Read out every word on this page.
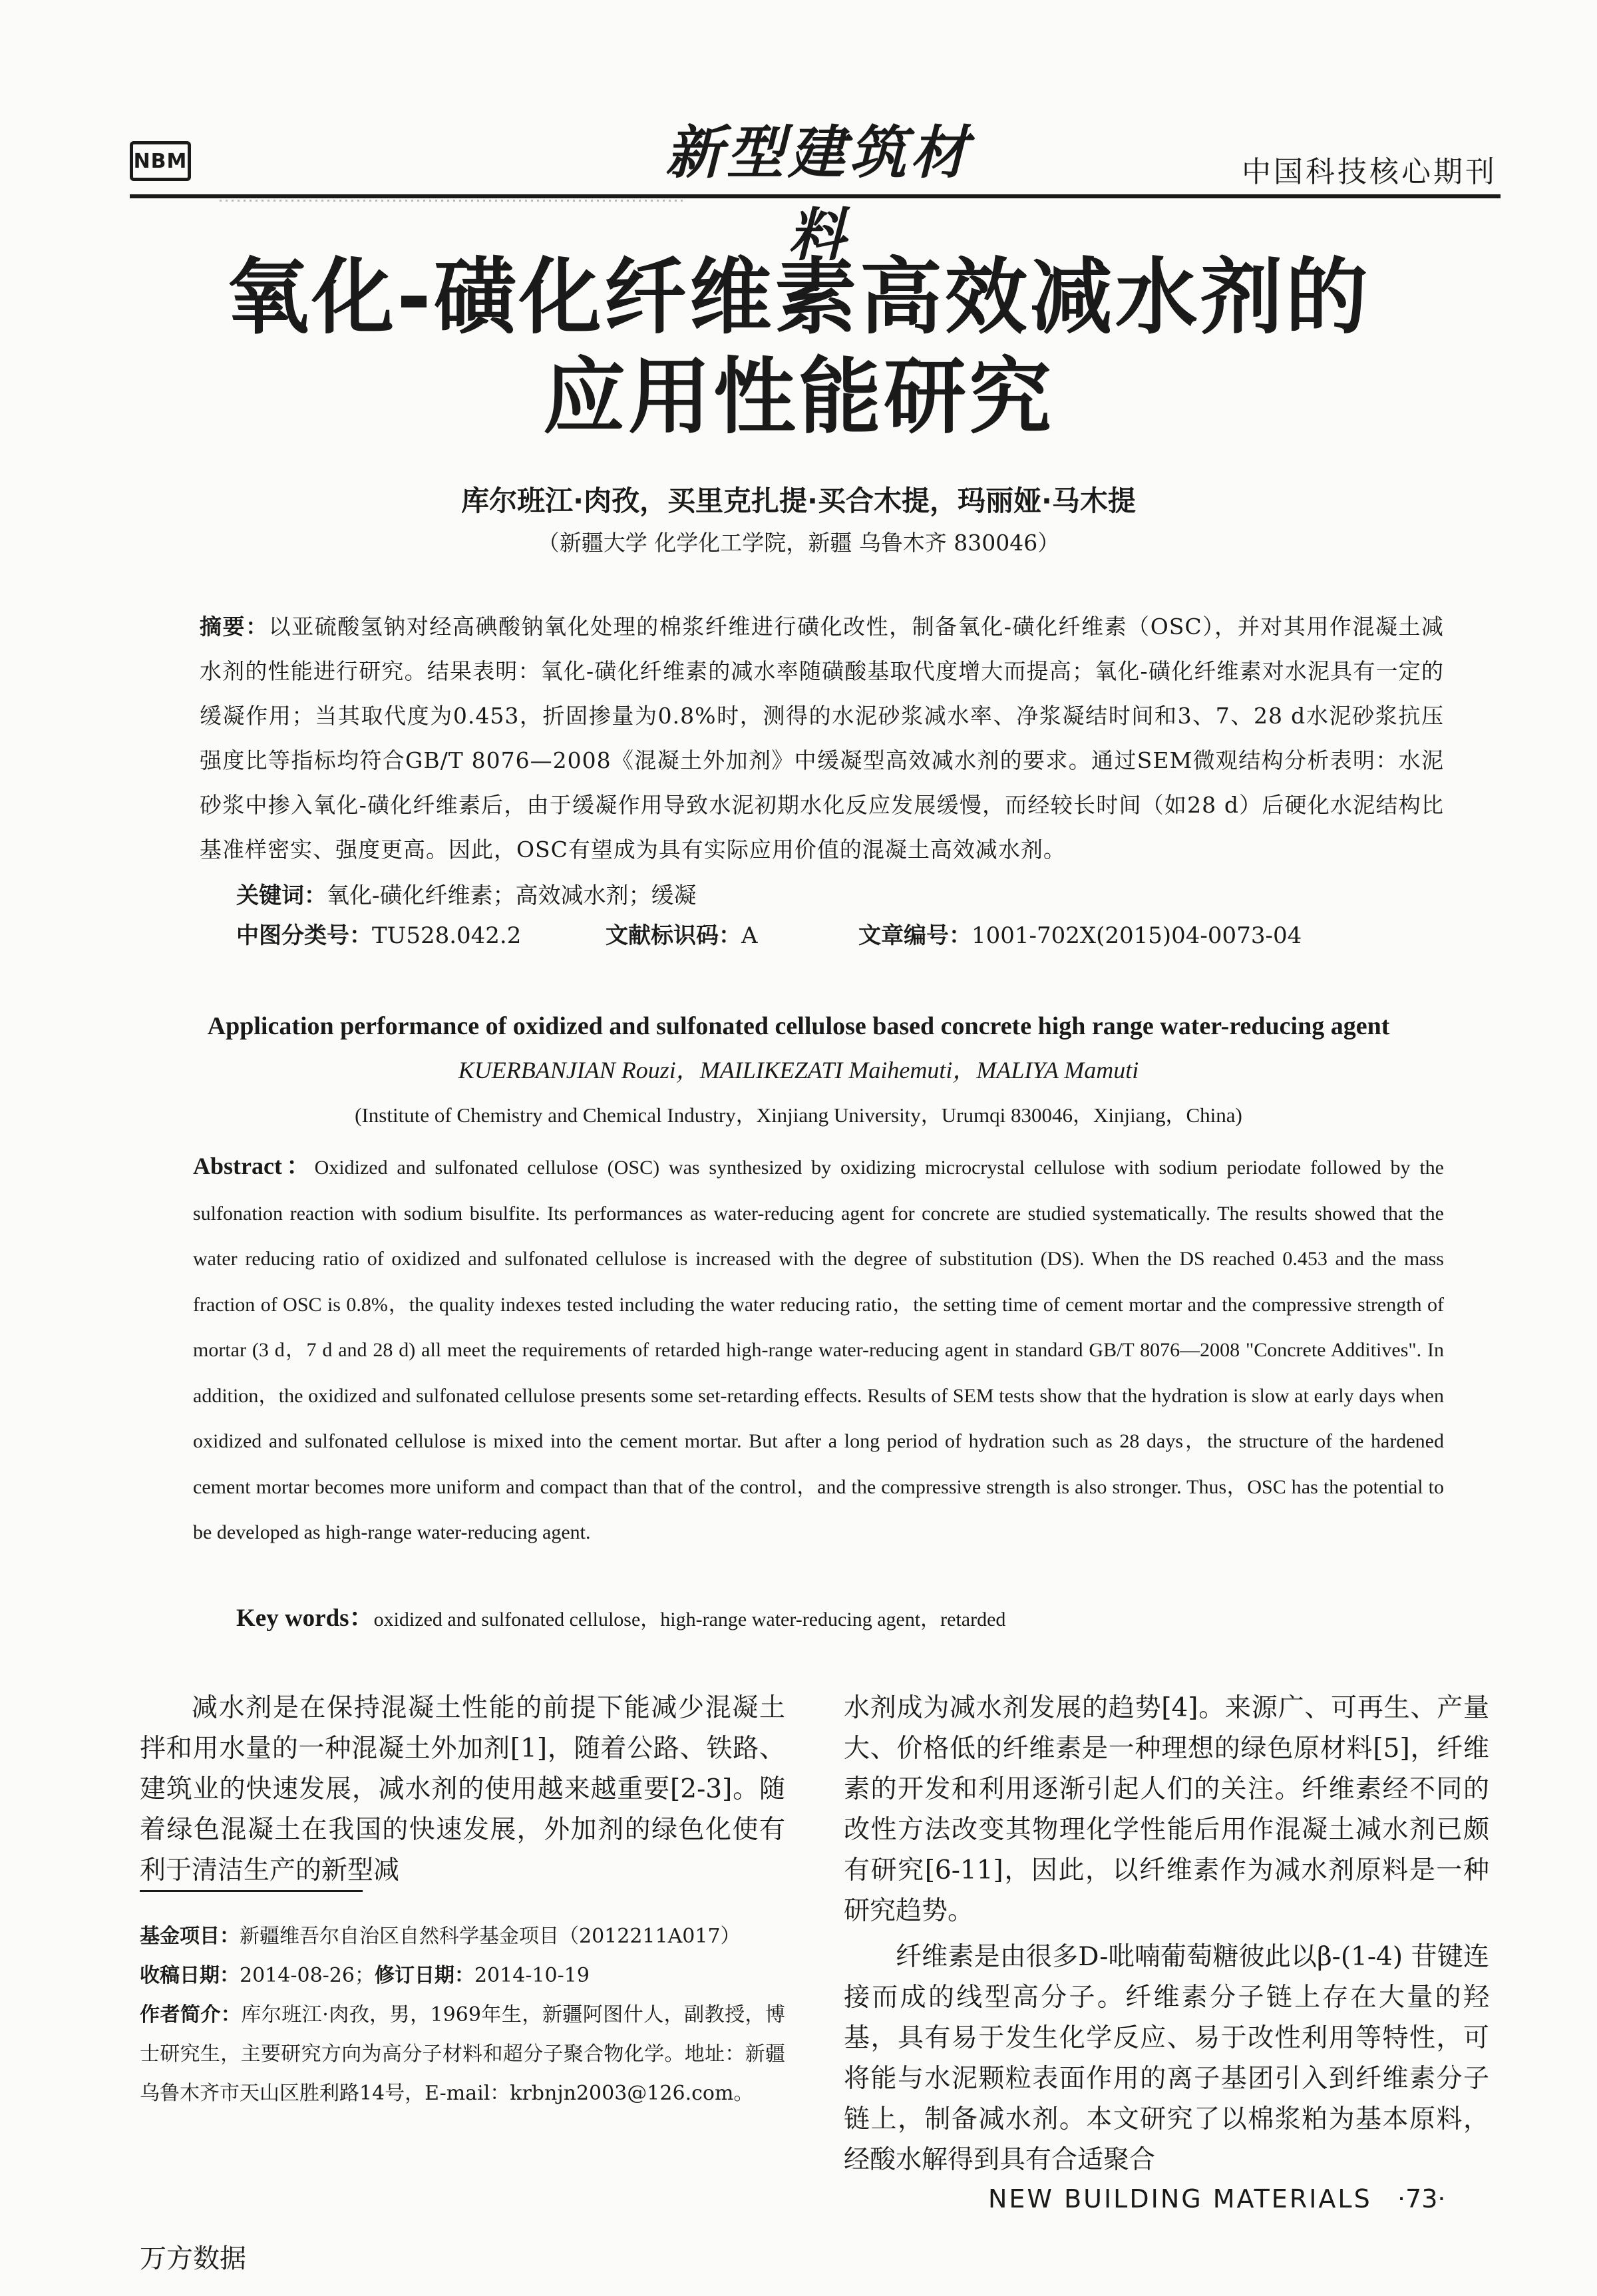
NBM	新型建筑材料
中国科技核心期刊
氧化-磺化纤维素高效减水剂的
应用性能研究
库尔班江·肉孜，买里克扎提·买合木提，玛丽娅·马木提
（新疆大学 化学化工学院，新疆 乌鲁木齐 830046）
摘要：以亚硫酸氢钠对经高碘酸钠氧化处理的棉浆纤维进行磺化改性，制备氧化-磺化纤维素（OSC），并对其用作混凝土减水剂的性能进行研究。结果表明：氧化-磺化纤维素的减水率随磺酸基取代度增大而提高；氧化-磺化纤维素对水泥具有一定的缓凝作用；当其取代度为0.453，折固掺量为0.8%时，测得的水泥砂浆减水率、净浆凝结时间和3、7、28 d水泥砂浆抗压强度比等指标均符合GB/T 8076—2008《混凝土外加剂》中缓凝型高效减水剂的要求。通过SEM微观结构分析表明：水泥砂浆中掺入氧化-磺化纤维素后，由于缓凝作用导致水泥初期水化反应发展缓慢，而经较长时间（如28 d）后硬化水泥结构比基准样密实、强度更高。因此，OSC有望成为具有实际应用价值的混凝土高效减水剂。
关键词：氧化-磺化纤维素；高效减水剂；缓凝
中图分类号：TU528.042.2	文献标识码：A	文章编号：1001-702X(2015)04-0073-04
Application performance of oxidized and sulfonated cellulose based concrete high range water-reducing agent
KUERBANJIAN Rouzi，MAILIKEZATI Maihemuti，MALIYA Mamuti
(Institute of Chemistry and Chemical Industry，Xinjiang University，Urumqi 830046，Xinjiang，China)
Abstract：Oxidized and sulfonated cellulose (OSC) was synthesized by oxidizing microcrystal cellulose with sodium periodate followed by the sulfonation reaction with sodium bisulfite. Its performances as water-reducing agent for concrete are studied systematically. The results showed that the water reducing ratio of oxidized and sulfonated cellulose is increased with the degree of substitution (DS). When the DS reached 0.453 and the mass fraction of OSC is 0.8%，the quality indexes tested including the water reducing ratio，the setting time of cement mortar and the compressive strength of mortar (3 d，7 d and 28 d) all meet the requirements of retarded high-range water-reducing agent in standard GB/T 8076—2008 "Concrete Additives". In addition，the oxidized and sulfonated cellulose presents some set-retarding effects. Results of SEM tests show that the hydration is slow at early days when oxidized and sulfonated cellulose is mixed into the cement mortar. But after a long period of hydration such as 28 days，the structure of the hardened cement mortar becomes more uniform and compact than that of the control，and the compressive strength is also stronger. Thus，OSC has the potential to be developed as high-range water-reducing agent.
Key words：oxidized and sulfonated cellulose，high-range water-reducing agent，retarded

减水剂是在保持混凝土性能的前提下能减少混凝土拌和用水量的一种混凝土外加剂[1]，随着公路、铁路、建筑业的快速发展，减水剂的使用越来越重要[2-3]。随着绿色混凝土在我国的快速发展，外加剂的绿色化使有利于清洁生产的新型减

基金项目：新疆维吾尔自治区自然科学基金项目（2012211A017）
收稿日期：2014-08-26；修订日期：2014-10-19
作者简介：库尔班江·肉孜，男，1969年生，新疆阿图什人，副教授，博士研究生，主要研究方向为高分子材料和超分子聚合物化学。地址：新疆乌鲁木齐市天山区胜利路14号，E-mail：krbnjn2003@126.com。

水剂成为减水剂发展的趋势[4]。来源广、可再生、产量大、价格低的纤维素是一种理想的绿色原材料[5]，纤维素的开发和利用逐渐引起人们的关注。纤维素经不同的改性方法改变其物理化学性能后用作混凝土减水剂已颇有研究[6-11]，因此，以纤维素作为减水剂原料是一种研究趋势。

纤维素是由很多D-吡喃葡萄糖彼此以β-(1-4) 苷键连接而成的线型高分子。纤维素分子链上存在大量的羟基，具有易于发生化学反应、易于改性利用等特性，可将能与水泥颗粒表面作用的离子基团引入到纤维素分子链上，制备减水剂。本文研究了以棉浆粕为基本原料，经酸水解得到具有合适聚合

NEW BUILDING MATERIALS ·73·
万方数据
